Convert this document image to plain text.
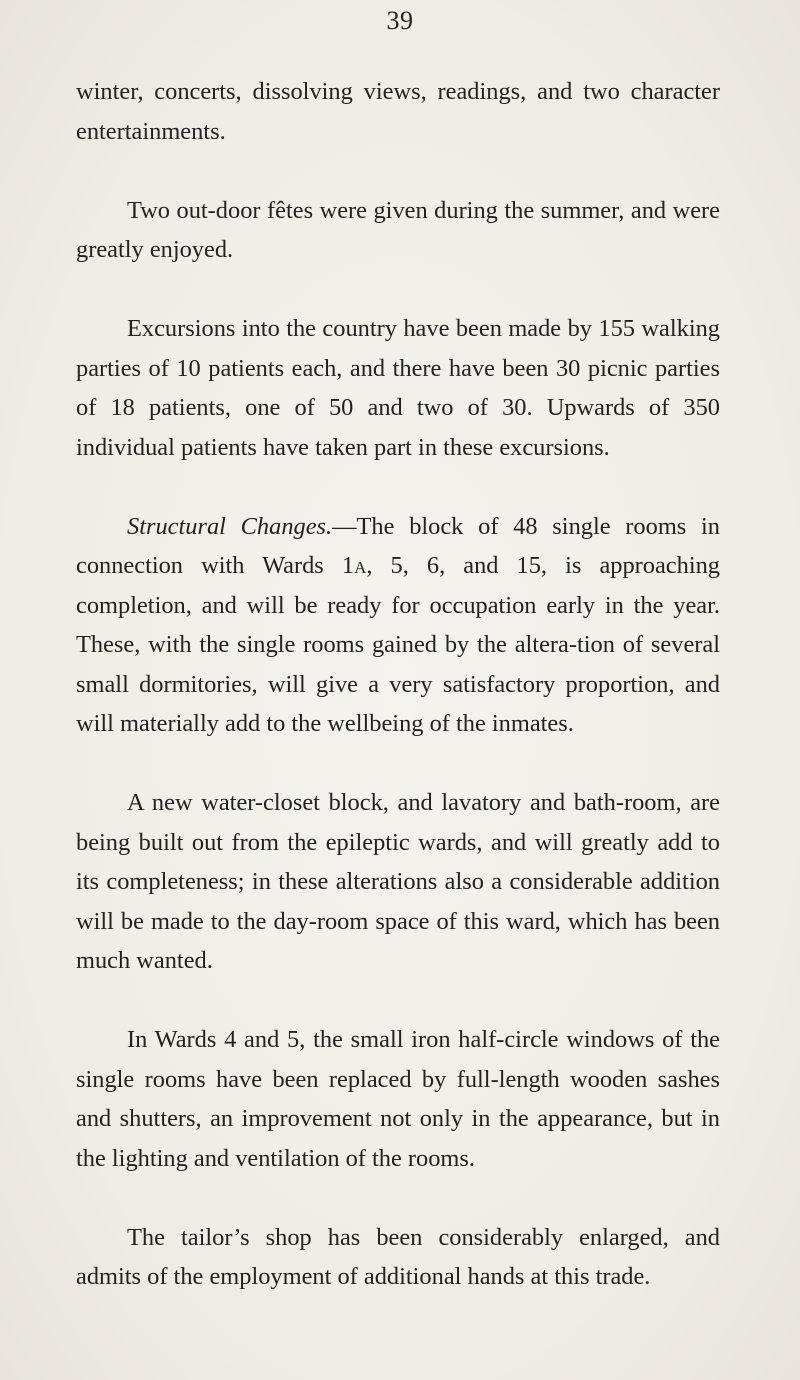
39

winter, concerts, dissolving views, readings, and two character entertainments.

Two out-door fêtes were given during the summer, and were greatly enjoyed.

Excursions into the country have been made by 155 walking parties of 10 patients each, and there have been 30 picnic parties of 18 patients, one of 50 and two of 30. Upwards of 350 individual patients have taken part in these excursions.

Structural Changes.—The block of 48 single rooms in connection with Wards 1a, 5, 6, and 15, is approaching completion, and will be ready for occupation early in the year. These, with the single rooms gained by the altera-tion of several small dormitories, will give a very satisfactory proportion, and will materially add to the wellbeing of the inmates.

A new water-closet block, and lavatory and bath-room, are being built out from the epileptic wards, and will greatly add to its completeness; in these alterations also a considerable addition will be made to the day-room space of this ward, which has been much wanted.

In Wards 4 and 5, the small iron half-circle windows of the single rooms have been replaced by full-length wooden sashes and shutters, an improvement not only in the appearance, but in the lighting and ventilation of the rooms.

The tailor’s shop has been considerably enlarged, and admits of the employment of additional hands at this trade.
